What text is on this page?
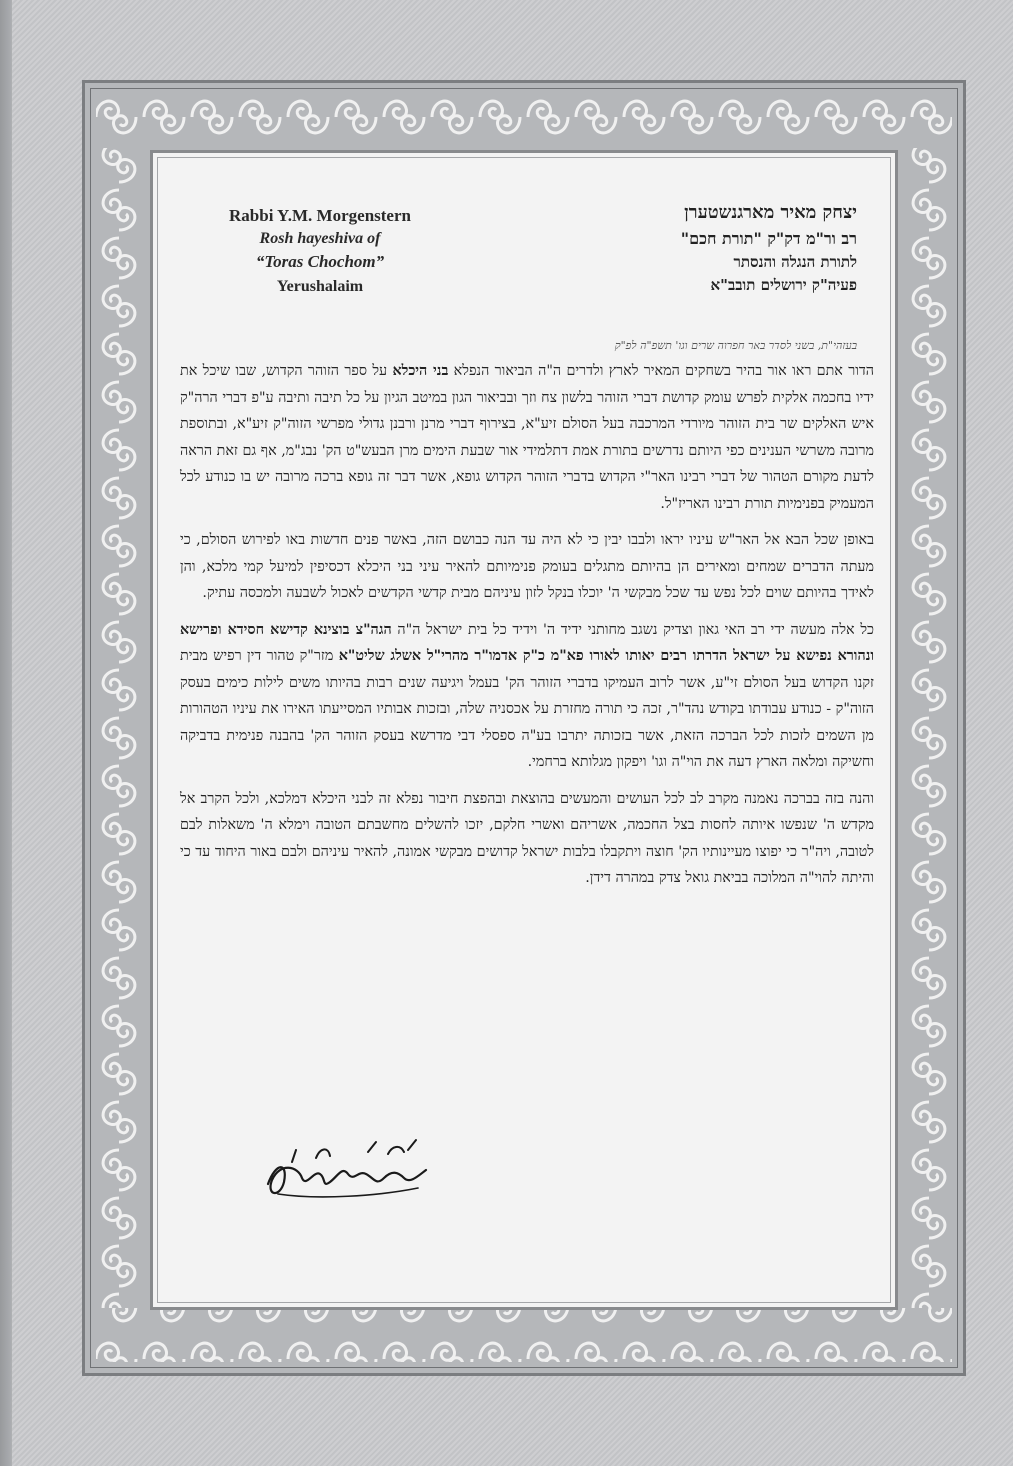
Rabbi Y.M. Morgenstern
Rosh hayeshiva of
“Toras Chochom”
Yerushalaim
יצחק מאיר מארגנשטערן
רב ור"מ דק"ק "תורת חכם"
לתורת הנגלה והנסתר
פעיה"ק ירושלים תובב"א
בעזהי"ת, בשני לסדר באר חפרוה שרים וגו' תשפ"ה לפ"ק

הדור אתם ראו אור בהיר בשחקים המאיר לארץ ולדרים ה"ה הביאור הנפלא בני היכלא על ספר הזוהר הקדוש, שבו שיכל את ידיו בחכמה אלקית לפרש עומק קדושת דברי הזוהר בלשון צח וזך ובביאור הגון במיטב הגיון על כל תיבה ותיבה ע"פ דברי הרה"ק איש האלקים שר בית הזוהר מיורדי המרכבה בעל הסולם זיע"א, בצירוף דברי מרנן ורבנן גדולי מפרשי הזוה"ק זיע"א, ובתוספת מרובה משרשי הענינים כפי היותם נדרשים בתורת אמת דתלמידי אור שבעת הימים מרן הבעש"ט הק' נבג"מ, אף גם זאת הראה לדעת מקורם הטהור של דברי רבינו האר"י הקדוש בדברי הזוהר הקדוש גופא, אשר דבר זה גופא ברכה מרובה יש בו כנודע לכל המעמיק בפנימיות תורת רבינו האריז"ל.

באופן שכל הבא אל האר"ש עיניו יראו ולבבו יבין כי לא היה עד הנה כבושם הזה, באשר פנים חדשות באו לפירוש הסולם, כי מעתה הדברים שמחים ומאירים הן בהיותם מתגלים בעומק פנימיותם להאיר עיני בני היכלא דכסיפין למיעל קמי מלכא, והן לאידך בהיותם שוים לכל נפש עד שכל מבקשי ה' יוכלו בנקל לזון עיניהם מבית קדשי הקדשים לאכול לשבעה ולמכסה עתיק.

כל אלה מעשה ידי רב האי גאון וצדיק נשגב מחותני ידיד ה' וידיד כל בית ישראל ה"ה הגה"צ בוצינא קדישא חסידא ופרישא ונהורא נפישא על ישראל הדרתו רבים יאותו לאורו פא"מ כ"ק אדמו"ר מהרי"ל אשלג שליט"א מזר"ק טהור דין רפיש מבית זקנו הקדוש בעל הסולם זי"ע, אשר לרוב העמיקו בדברי הזוהר הק' בעמל ויגיעה שנים רבות בהיותו משים לילות כימים בעסק הזוה"ק - כנודע עבודתו בקודש נהד"ר, זכה כי תורה מחזרת על אכסניה שלה, ובזכות אבותיו המסייעתו האירו את עיניו הטהורות מן השמים לזכות לכל הברכה הזאת, אשר בזכותה יתרבו בע"ה ספסלי דבי מדרשא בעסק הזוהר הק' בהבנה פנימית בדביקה וחשיקה ומלאה הארץ דעה את הוי"ה וגו' ויפקון מגלותא ברחמי.

והנה בזה בברכה נאמנה מקרב לב לכל העושים והמעשים בהוצאת ובהפצת חיבור נפלא זה לבני היכלא דמלכא, ולכל הקרב אל מקדש ה' שנפשו איותה לחסות בצל החכמה, אשריהם ואשרי חלקם, יזכו להשלים מחשבתם הטובה וימלא ה' משאלות לבם לטובה, ויה"ר כי יפוצו מעיינותיו הק' חוצה ויתקבלו בלבות ישראל קדושים מבקשי אמונה, להאיר עיניהם ולבם באור היחוד עד כי והיתה להוי"ה המלוכה בביאת גואל צדק במהרה דידן.
